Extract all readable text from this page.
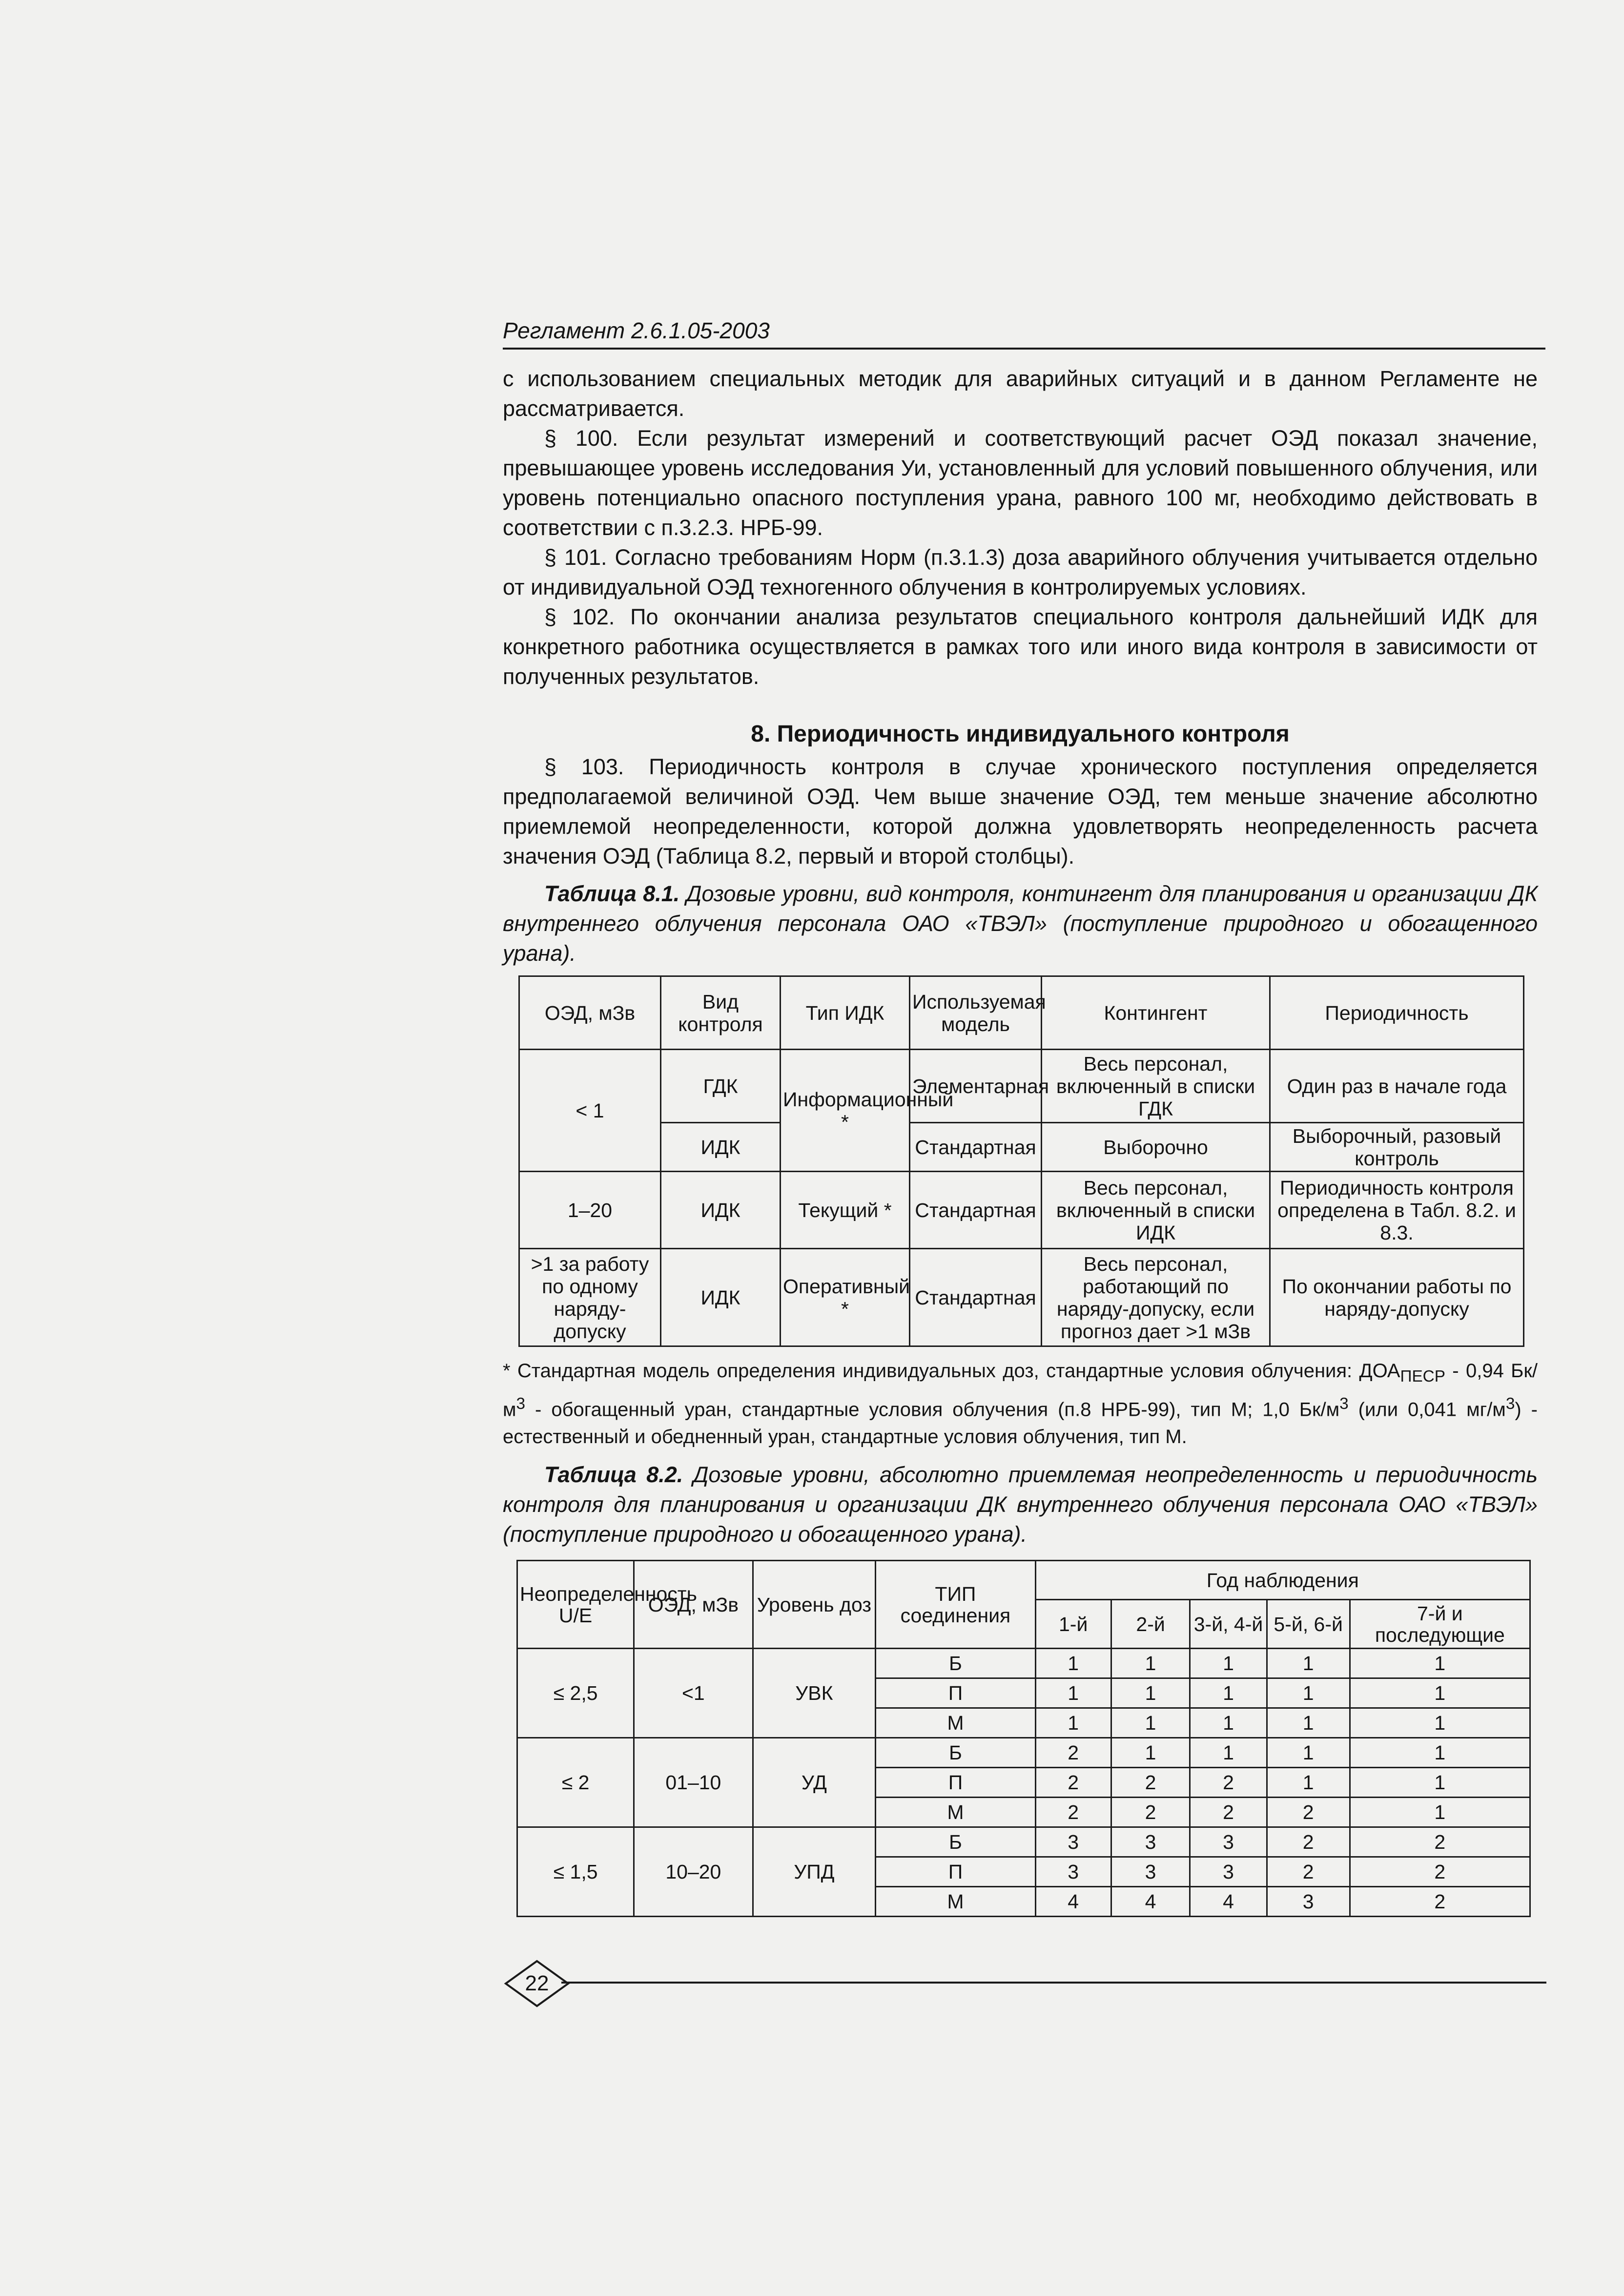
Регламент 2.6.1.05-2003

с использованием специальных методик для аварийных ситуаций и в данном Регламенте не рассматривается.

§ 100. Если результат измерений и соответствующий расчет ОЭД показал значение, превышающее уровень исследования Уи, установленный для условий повышенного облучения, или уровень потенциально опасного поступления урана, равного 100 мг, необходимо действовать в соответствии с п.3.2.3. НРБ-99.

§ 101. Согласно требованиям Норм (п.3.1.3) доза аварийного облучения учитывается отдельно от индивидуальной ОЭД техногенного облучения в контролируемых условиях.

§ 102. По окончании анализа результатов специального контроля дальнейший ИДК для конкретного работника осуществляется в рамках того или иного вида контроля в зависимости от полученных результатов.

8. Периодичность индивидуального контроля

§ 103. Периодичность контроля в случае хронического поступления определяется предполагаемой величиной ОЭД. Чем выше значение ОЭД, тем меньше значение абсолютно приемлемой неопределенности, которой должна удовлетворять неопределенность расчета значения ОЭД (Таблица 8.2, первый и второй столбцы).

Таблица 8.1. Дозовые уровни, вид контроля, контингент для планирования и организации ДК внутреннего облучения персонала ОАО «ТВЭЛ» (поступление природного и обогащенного урана).

ОЭД, мЗв	Вид контроля	Тип ИДК	Используемая модель	Контингент	Периодичность
< 1	ГДК	Информационный *	Элементарная	Весь персонал, включенный в списки ГДК	Один раз в начале года
	ИДК		Стандартная	Выборочно	Выборочный, разовый контроль
1–20	ИДК	Текущий *	Стандартная	Весь персонал, включенный в списки ИДК	Периодичность контроля определена в Табл. 8.2. и 8.3.
>1 за работу по одному наряду-допуску	ИДК	Оперативный *	Стандартная	Весь персонал, работающий по наряду-допуску, если прогноз дает >1 мЗв	По окончании работы по наряду-допуску

* Стандартная модель определения индивидуальных доз, стандартные условия облучения: $ДОА_{ПЕСР} - 0,94$ $Бк/м^3$ - обогащенный уран, стандартные условия облучения (п.8 НРБ-99), тип M; 1,0 $Бк/м^3$ (или 0,041 $мг/м^3$) - естественный и обедненный уран, стандартные условия облучения, тип М.

Таблица 8.2. Дозовые уровни, абсолютно приемлемая неопределенность и периодичность контроля для планирования и организации ДК внутреннего облучения персонала ОАО «ТВЭЛ» (поступление природного и обогащенного урана).

Неопределенность U/E	ОЭД, мЗв	Уровень доз	ТИП соединения	Год наблюдения				
				1-й	2-й	3-й, 4-й	5-й, 6-й	7-й и последующие
≤ 2,5	<1	УВК	Б	1	1	1	1	1
			П	1	1	1	1	1
			М	1	1	1	1	1
≤ 2	01–10	УД	Б	2	1	1	1	1
			П	2	2	2	1	1
			М	2	2	2	2	1
≤ 1,5	10–20	УПД	Б	3	3	3	2	2
			П	3	3	3	2	2
			М	4	4	4	3	2
22
